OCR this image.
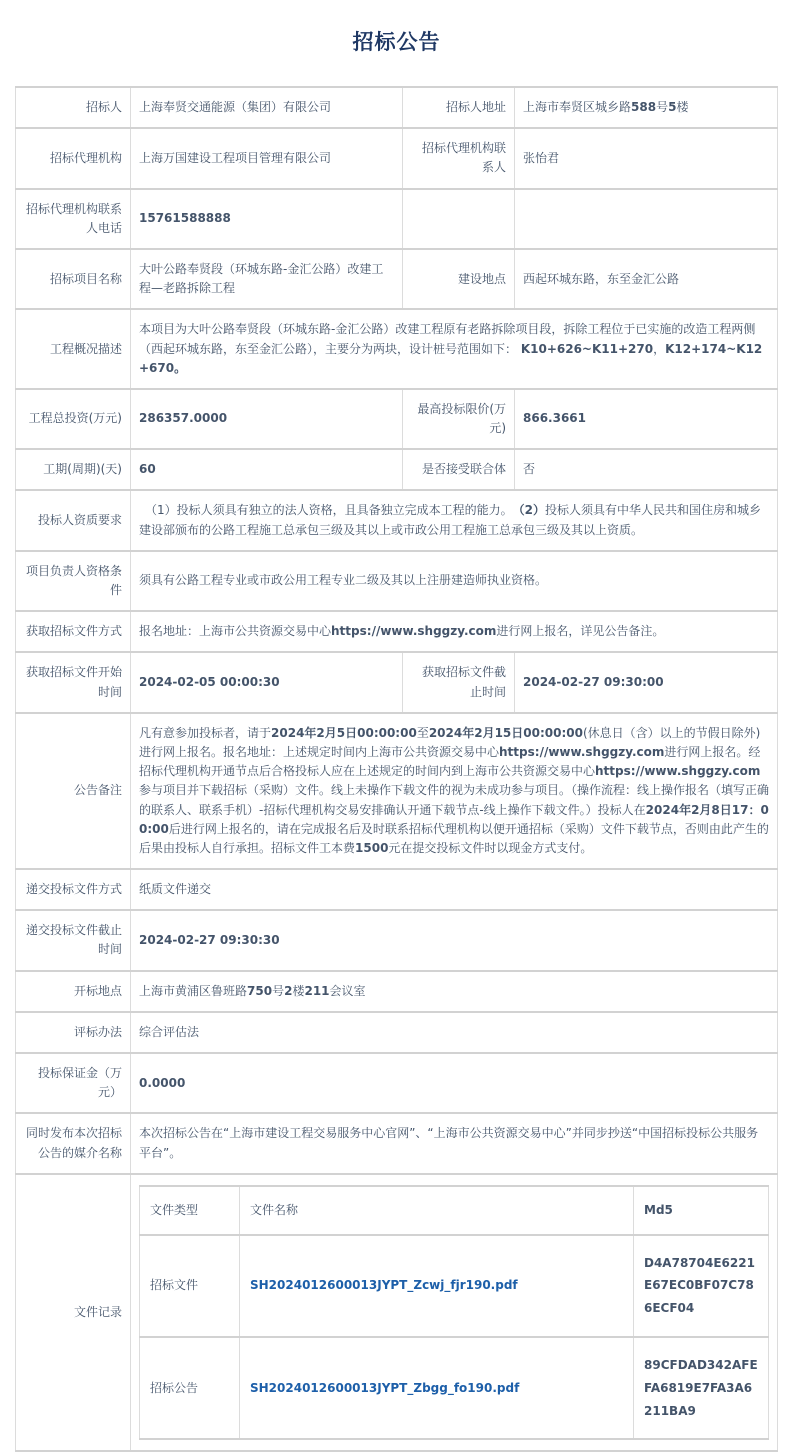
招标公告
招标人	上海奉贤交通能源（集团）有限公司	招标人地址	上海市奉贤区城乡路588号5楼
招标代理机构	上海万国建设工程项目管理有限公司	招标代理机构联系人	张怡君
招标代理机构联系人电话	15761588888		
招标项目名称	大叶公路奉贤段（环城东路-金汇公路）改建工程—老路拆除工程	建设地点	西起环城东路，东至金汇公路
工程概况描述	本项目为大叶公路奉贤段（环城东路-金汇公路）改建工程原有老路拆除项目段，拆除工程位于已实施的改造工程两侧（西起环城东路，东至金汇公路），主要分为两块，设计桩号范围如下： K10+626~K11+270，K12+174~K12+670。
工程总投资(万元)	286357.0000	最高投标限价(万元)	866.3661
工期(周期)(天)	60	是否接受联合体	否
投标人资质要求	　（1）投标人须具有独立的法人资格，且具备独立完成本工程的能力。　（2）投标人须具有中华人民共和国住房和城乡建设部颁布的公路工程施工总承包三级及其以上或市政公用工程施工总承包三级及其以上资质。
项目负责人资格条件	须具有公路工程专业或市政公用工程专业二级及其以上注册建造师执业资格。
获取招标文件方式	报名地址：上海市公共资源交易中心https://www.shggzy.com进行网上报名，详见公告备注。
获取招标文件开始时间	2024-02-05 00:00:30	获取招标文件截止时间	2024-02-27 09:30:00
公告备注	凡有意参加投标者，请于2024年2月5日00:00:00至2024年2月15日00:00:00(休息日（含）以上的节假日除外)进行网上报名。报名地址：上述规定时间内上海市公共资源交易中心https://www.shggzy.com进行网上报名。经招标代理机构开通节点后合格投标人应在上述规定的时间内到上海市公共资源交易中心https://www.shggzy.com参与项目并下载招标（采购）文件。线上未操作下载文件的视为未成功参与项目。（操作流程：线上操作报名（填写正确的联系人、联系手机）-招标代理机构交易安排确认开通下载节点-线上操作下载文件。）投标人在2024年2月8日17：00:00后进行网上报名的，请在完成报名后及时联系招标代理机构以便开通招标（采购）文件下载节点，否则由此产生的后果由投标人自行承担。招标文件工本费1500元在提交投标文件时以现金方式支付。
递交投标文件方式	纸质文件递交
递交投标文件截止时间	2024-02-27 09:30:30
开标地点	上海市黄浦区鲁班路750号2楼211会议室
评标办法	综合评估法
投标保证金（万元）	0.0000
同时发布本次招标公告的媒介名称	本次招标公告在“上海市建设工程交易服务中心官网”、“上海市公共资源交易中心”并同步抄送“中国招标投标公共服务平台”。
文件记录	
文件类型	文件名称	Md5
招标文件	SH2024012600013JYPT_Zcwj_fjr190.pdf	D4A78704E6221E67EC0BF07C786ECF04
招标公告	SH2024012600013JYPT_Zbgg_fo190.pdf	89CFDAD342AFEFA6819E7FA3A6211BA9
